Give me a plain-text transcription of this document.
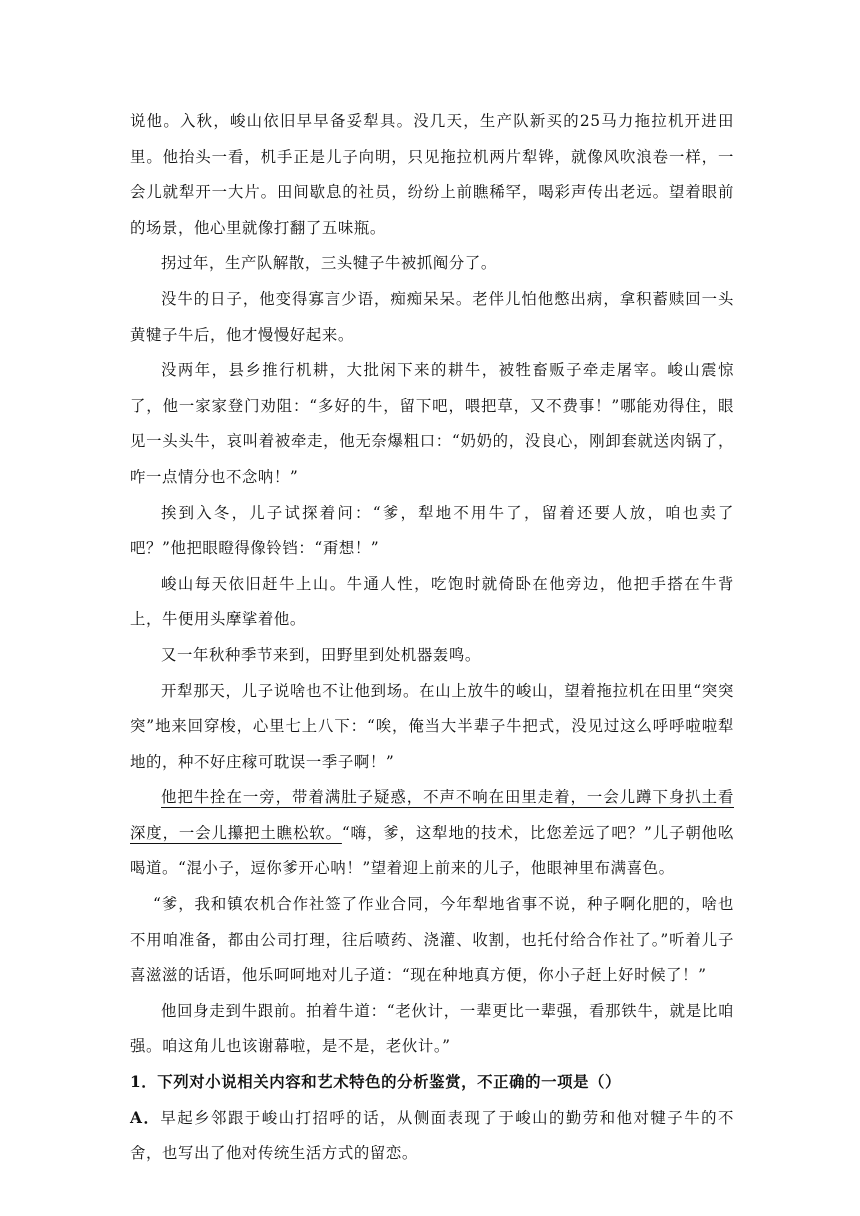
说他。入秋，峻山依旧早早备妥犁具。没几天，生产队新买的25马力拖拉机开进田里。他抬头一看，机手正是儿子向明，只见拖拉机两片犁铧，就像风吹浪卷一样，一会儿就犁开一大片。田间歇息的社员，纷纷上前瞧稀罕，喝彩声传出老远。望着眼前的场景，他心里就像打翻了五味瓶。

拐过年，生产队解散，三头犍子牛被抓阄分了。

没牛的日子，他变得寡言少语，痴痴呆呆。老伴儿怕他憋出病，拿积蓄赎回一头黄犍子牛后，他才慢慢好起来。

没两年，县乡推行机耕，大批闲下来的耕牛，被牲畜贩子牵走屠宰。峻山震惊了，他一家家登门劝阻：“多好的牛，留下吧，喂把草，又不费事！”哪能劝得住，眼见一头头牛，哀叫着被牵走，他无奈爆粗口：“奶奶的，没良心，刚卸套就送肉锅了，咋一点情分也不念呐！”

挨到入冬，儿子试探着问：“爹，犁地不用牛了，留着还要人放，咱也卖了吧？”他把眼瞪得像铃铛：“甭想！”

峻山每天依旧赶牛上山。牛通人性，吃饱时就倚卧在他旁边，他把手搭在牛背上，牛便用头摩挲着他。

又一年秋种季节来到，田野里到处机器轰鸣。

开犁那天，儿子说啥也不让他到场。在山上放牛的峻山，望着拖拉机在田里“突突突”地来回穿梭，心里七上八下：“唉，俺当大半辈子牛把式，没见过这么呼呼啦啦犁地的，种不好庄稼可耽误一季子啊！”

他把牛拴在一旁，带着满肚子疑惑，不声不响在田里走着，一会儿蹲下身扒土看深度，一会儿攥把土瞧松软。“嗨，爹，这犁地的技术，比您差远了吧？”儿子朝他吆喝道。“混小子，逗你爹开心呐！”望着迎上前来的儿子，他眼神里布满喜色。

“爹，我和镇农机合作社签了作业合同，今年犁地省事不说，种子啊化肥的，啥也不用咱准备，都由公司打理，往后喷药、浇灌、收割，也托付给合作社了。”听着儿子喜滋滋的话语，他乐呵呵地对儿子道：“现在种地真方便，你小子赶上好时候了！”

他回身走到牛跟前。拍着牛道：“老伙计，一辈更比一辈强，看那铁牛，就是比咱强。咱这角儿也该谢幕啦，是不是，老伙计。”

1．下列对小说相关内容和艺术特色的分析鉴赏，不正确的一项是（）

A．早起乡邻跟于峻山打招呼的话，从侧面表现了于峻山的勤劳和他对犍子牛的不舍，也写出了他对传统生活方式的留恋。
